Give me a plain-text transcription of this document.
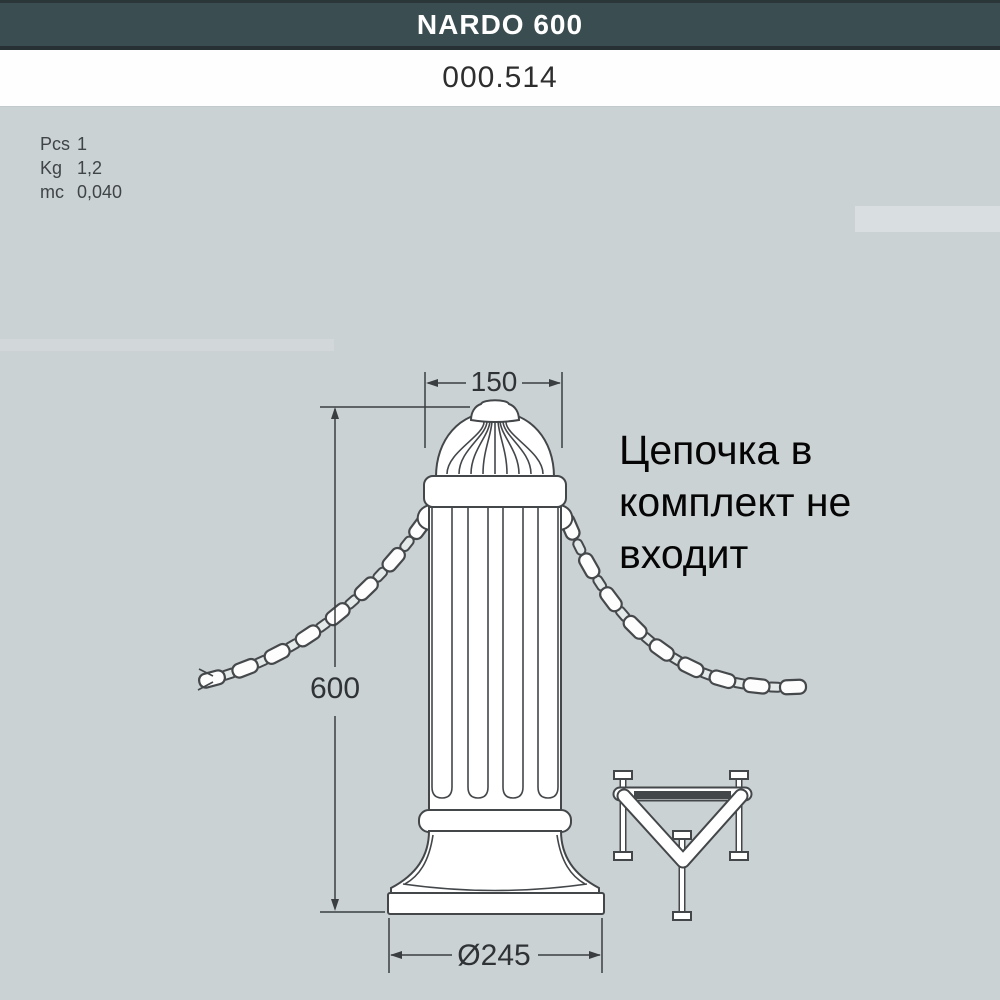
NARDO 600
000.514
Pcs 1
Kg 1,2
mc 0,040
150
600
Ø245
Цепочка в комплект не входит
